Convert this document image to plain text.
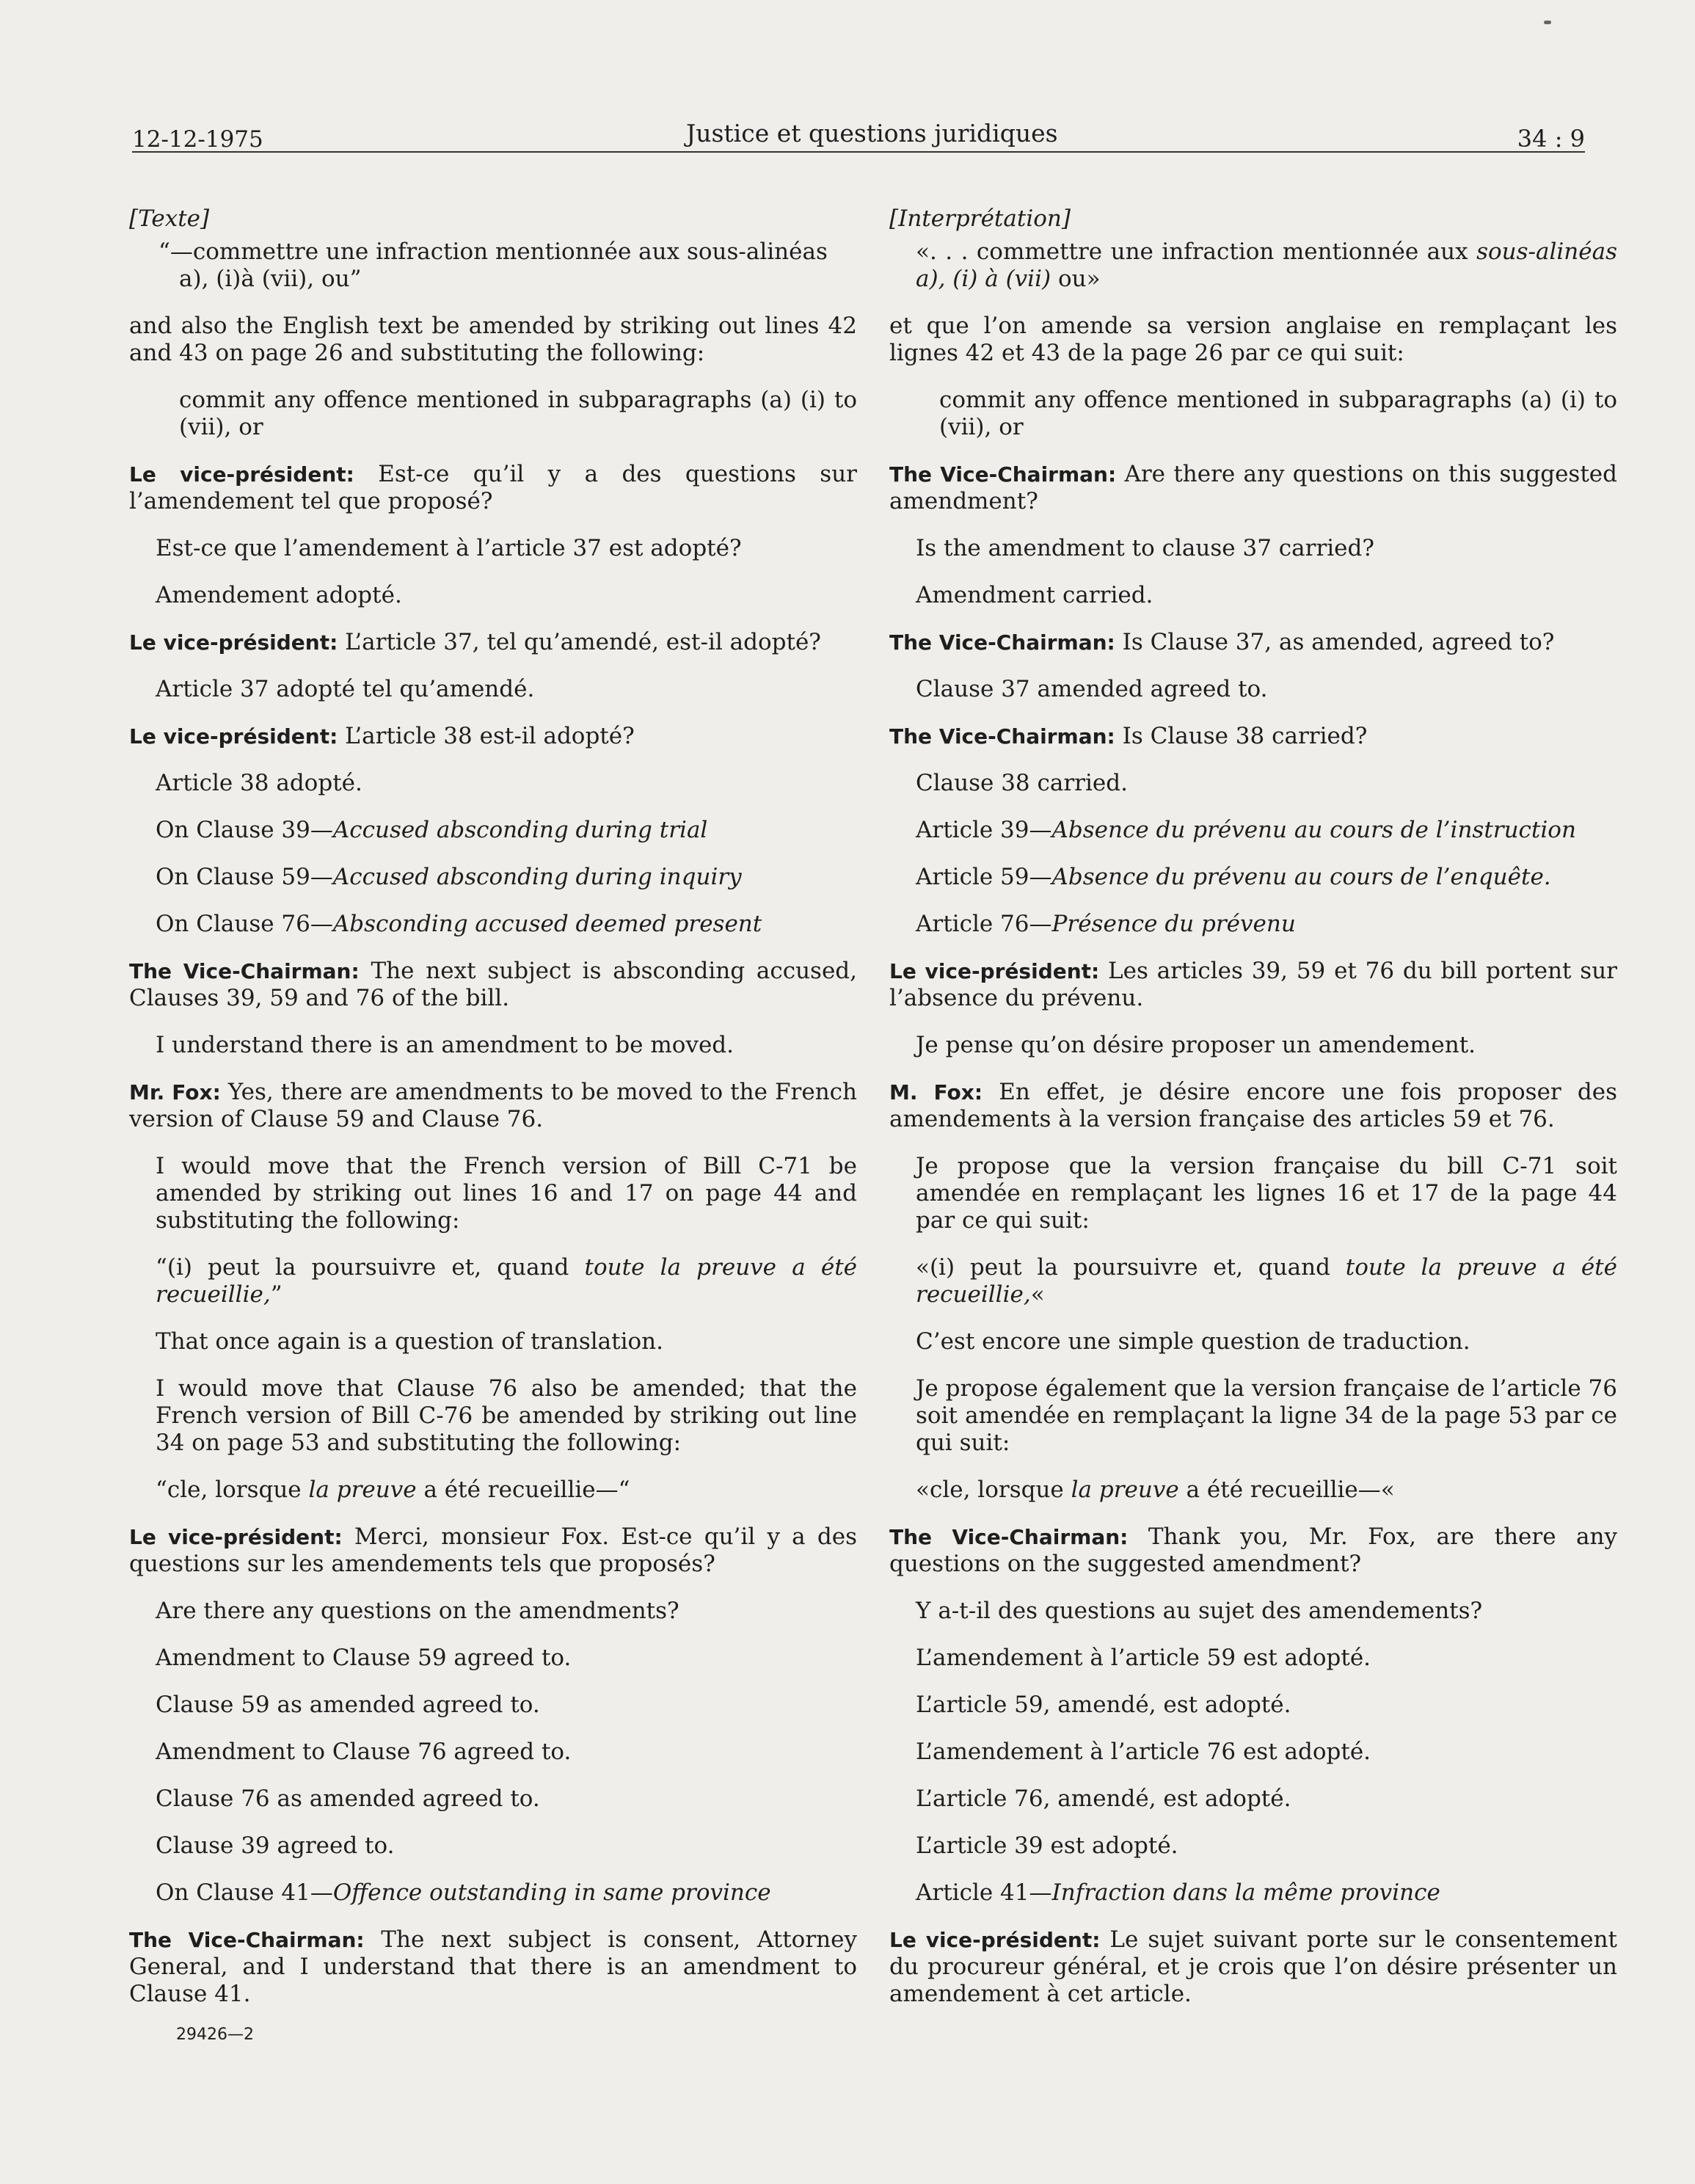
12-12-1975	Justice et questions juridiques	34 : 9
[Texte]
“—commettre une infraction mentionnée aux sous-alinéas a), (i)à (vii), ou”
and also the English text be amended by striking out lines 42 and 43 on page 26 and substituting the following:
commit any offence mentioned in subparagraphs (a) (i) to (vii), or
Le vice-président: Est-ce qu’il y a des questions sur l’amendement tel que proposé?
Est-ce que l’amendement à l’article 37 est adopté?
Amendement adopté.
Le vice-président: L’article 37, tel qu’amendé, est-il adopté?
Article 37 adopté tel qu’amendé.
Le vice-président: L’article 38 est-il adopté?
Article 38 adopté.
On Clause 39—Accused absconding during trial
On Clause 59—Accused absconding during inquiry
On Clause 76—Absconding accused deemed present
The Vice-Chairman: The next subject is absconding accused, Clauses 39, 59 and 76 of the bill.
I understand there is an amendment to be moved.
Mr. Fox: Yes, there are amendments to be moved to the French version of Clause 59 and Clause 76.
I would move that the French version of Bill C-71 be amended by striking out lines 16 and 17 on page 44 and substituting the following:
“(i) peut la poursuivre et, quand toute la preuve a été recueillie,”
That once again is a question of translation.
I would move that Clause 76 also be amended; that the French version of Bill C-76 be amended by striking out line 34 on page 53 and substituting the following:
“cle, lorsque la preuve a été recueillie—“
Le vice-président: Merci, monsieur Fox. Est-ce qu’il y a des questions sur les amendements tels que proposés?
Are there any questions on the amendments?
Amendment to Clause 59 agreed to.
Clause 59 as amended agreed to.
Amendment to Clause 76 agreed to.
Clause 76 as amended agreed to.
Clause 39 agreed to.
On Clause 41—Offence outstanding in same province
The Vice-Chairman: The next subject is consent, Attorney General, and I understand that there is an amendment to Clause 41.
[Interprétation]
«. . . commettre une infraction mentionnée aux sous-alinéas a), (i) à (vii) ou»
et que l’on amende sa version anglaise en remplaçant les lignes 42 et 43 de la page 26 par ce qui suit:
commit any offence mentioned in subparagraphs (a) (i) to (vii), or
The Vice-Chairman: Are there any questions on this suggested amendment?
Is the amendment to clause 37 carried?
Amendment carried.
The Vice-Chairman: Is Clause 37, as amended, agreed to?
Clause 37 amended agreed to.
The Vice-Chairman: Is Clause 38 carried?
Clause 38 carried.
Article 39—Absence du prévenu au cours de l’instruction
Article 59—Absence du prévenu au cours de l’enquête.
Article 76—Présence du prévenu
Le vice-président: Les articles 39, 59 et 76 du bill portent sur l’absence du prévenu.
Je pense qu’on désire proposer un amendement.
M. Fox: En effet, je désire encore une fois proposer des amendements à la version française des articles 59 et 76.
Je propose que la version française du bill C-71 soit amendée en remplaçant les lignes 16 et 17 de la page 44 par ce qui suit:
«(i) peut la poursuivre et, quand toute la preuve a été recueillie,«
C’est encore une simple question de traduction.
Je propose également que la version française de l’article 76 soit amendée en remplaçant la ligne 34 de la page 53 par ce qui suit:
«cle, lorsque la preuve a été recueillie—«
The Vice-Chairman: Thank you, Mr. Fox, are there any questions on the suggested amendment?
Y a-t-il des questions au sujet des amendements?
L’amendement à l’article 59 est adopté.
L’article 59, amendé, est adopté.
L’amendement à l’article 76 est adopté.
L’article 76, amendé, est adopté.
L’article 39 est adopté.
Article 41—Infraction dans la même province
Le vice-président: Le sujet suivant porte sur le consentement du procureur général, et je crois que l’on désire présenter un amendement à cet article.
29426—2
